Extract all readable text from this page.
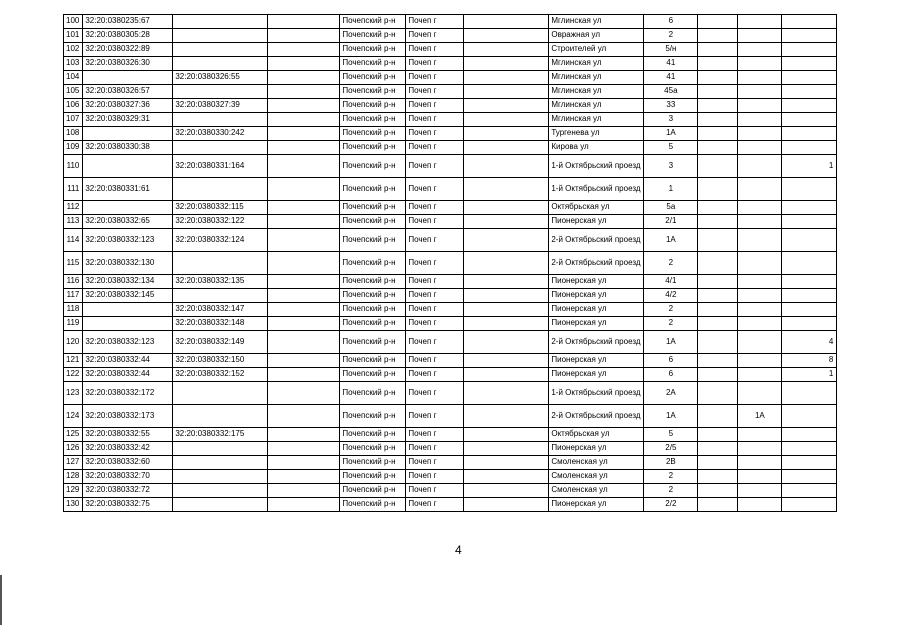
100	32:20:0380235:67			Почепский р-н	Почеп г		Мглинская ул	6			
101	32:20:0380305:28			Почепский р-н	Почеп г		Овражная ул	2			
102	32:20:0380322:89			Почепский р-н	Почеп г		Строителей ул	5/н			
103	32:20:0380326:30			Почепский р-н	Почеп г		Мглинская ул	41			
104		32:20:0380326:55		Почепский р-н	Почеп г		Мглинская ул	41			
105	32:20:0380326:57			Почепский р-н	Почеп г		Мглинская ул	45а			
106	32:20:0380327:36	32:20:0380327:39		Почепский р-н	Почеп г		Мглинская ул	33			
107	32:20:0380329:31			Почепский р-н	Почеп г		Мглинская ул	3			
108		32:20:0380330:242		Почепский р-н	Почеп г		Тургенева ул	1А			
109	32:20:0380330:38			Почепский р-н	Почеп г		Кирова ул	5			
110		32:20:0380331:164		Почепский р-н	Почеп г		1-й Октябрьский проезд	3			1
111	32:20:0380331:61			Почепский р-н	Почеп г		1-й Октябрьский проезд	1			
112		32:20:0380332:115		Почепский р-н	Почеп г		Октябрьская ул	5а			
113	32:20:0380332:65	32:20:0380332:122		Почепский р-н	Почеп г		Пионерская ул	2/1			
114	32:20:0380332:123	32:20:0380332:124		Почепский р-н	Почеп г		2-й Октябрьский проезд	1А			
115	32:20:0380332:130			Почепский р-н	Почеп г		2-й Октябрьский проезд	2			
116	32:20:0380332:134	32:20:0380332:135		Почепский р-н	Почеп г		Пионерская ул	4/1			
117	32:20:0380332:145			Почепский р-н	Почеп г		Пионерская ул	4/2			
118		32:20:0380332:147		Почепский р-н	Почеп г		Пионерская ул	2			
119		32:20:0380332:148		Почепский р-н	Почеп г		Пионерская ул	2			
120	32:20:0380332:123	32:20:0380332:149		Почепский р-н	Почеп г		2-й Октябрьский проезд	1А			4
121	32:20:0380332:44	32:20:0380332:150		Почепский р-н	Почеп г		Пионерская ул	6			8
122	32:20:0380332:44	32:20:0380332:152		Почепский р-н	Почеп г		Пионерская ул	6			1
123	32:20:0380332:172			Почепский р-н	Почеп г		1-й Октябрьский проезд	2А			
124	32:20:0380332:173			Почепский р-н	Почеп г		2-й Октябрьский проезд	1А		1А	
125	32:20:0380332:55	32:20:0380332:175		Почепский р-н	Почеп г		Октябрьская ул	5			
126	32:20:0380332:42			Почепский р-н	Почеп г		Пионерская ул	2/5			
127	32:20:0380332:60			Почепский р-н	Почеп г		Смоленская ул	2В			
128	32:20:0380332:70			Почепский р-н	Почеп г		Смоленская ул	2			
129	32:20:0380332:72			Почепский р-н	Почеп г		Смоленская ул	2			
130	32:20:0380332:75			Почепский р-н	Почеп г		Пионерская ул	2/2			
4
